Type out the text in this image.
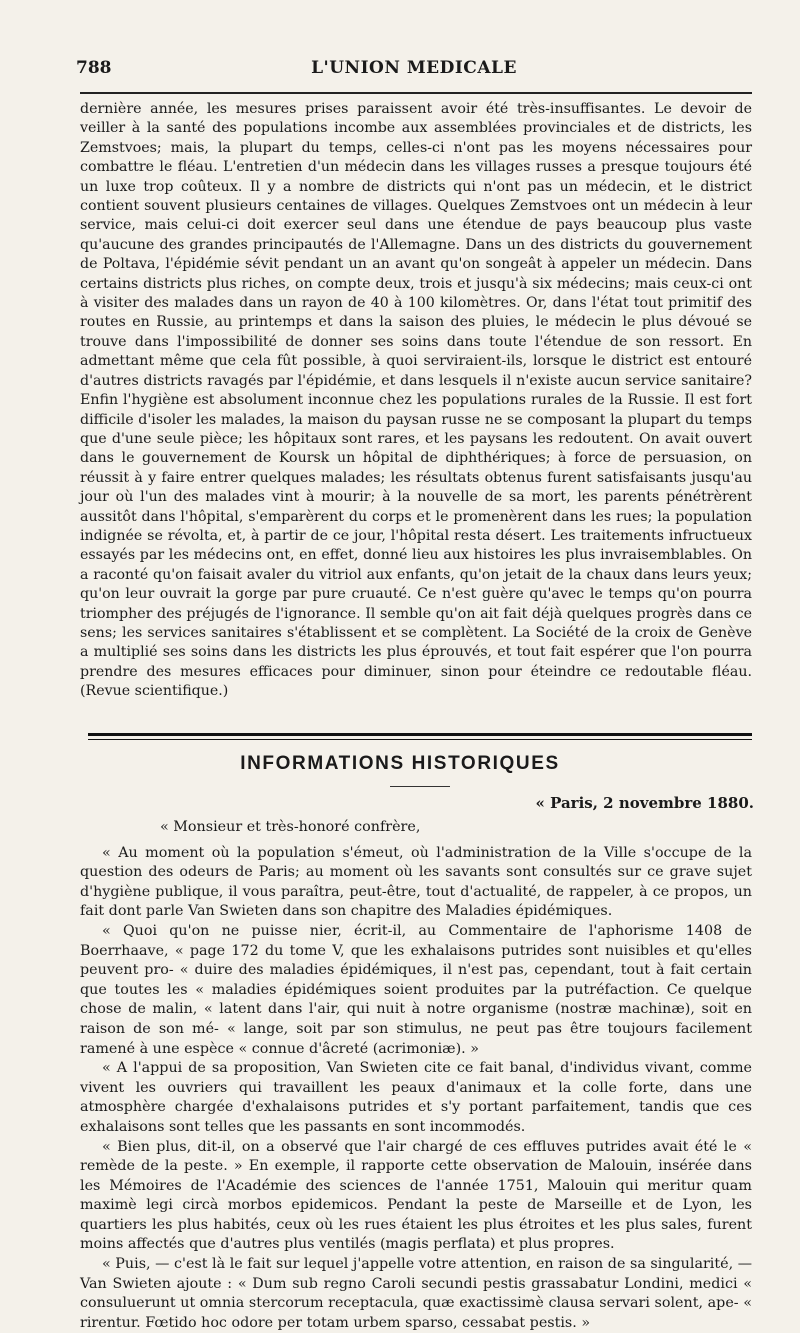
788	L'UNION MEDICALE

dernière année, les mesures prises paraissent avoir été très-insuffisantes. Le devoir de veiller à la santé des populations incombe aux assemblées provinciales et de districts, les Zemstvoes; mais, la plupart du temps, celles-ci n'ont pas les moyens nécessaires pour combattre le fléau. L'entretien d'un médecin dans les villages russes a presque toujours été un luxe trop coûteux. Il y a nombre de districts qui n'ont pas un médecin, et le district contient souvent plusieurs centaines de villages. Quelques Zemstvoes ont un médecin à leur service, mais celui-ci doit exercer seul dans une étendue de pays beaucoup plus vaste qu'aucune des grandes principautés de l'Allemagne. Dans un des districts du gouvernement de Poltava, l'épidémie sévit pendant un an avant qu'on songeât à appeler un médecin. Dans certains districts plus riches, on compte deux, trois et jusqu'à six médecins; mais ceux-ci ont à visiter des malades dans un rayon de 40 à 100 kilomètres. Or, dans l'état tout primitif des routes en Russie, au printemps et dans la saison des pluies, le médecin le plus dévoué se trouve dans l'impossibilité de donner ses soins dans toute l'étendue de son ressort. En admettant même que cela fût possible, à quoi serviraient-ils, lorsque le district est entouré d'autres districts ravagés par l'épidémie, et dans lesquels il n'existe aucun service sanitaire? Enfin l'hygiène est absolument inconnue chez les populations rurales de la Russie. Il est fort difficile d'isoler les malades, la maison du paysan russe ne se composant la plupart du temps que d'une seule pièce; les hôpitaux sont rares, et les paysans les redoutent. On avait ouvert dans le gouvernement de Koursk un hôpital de diphthériques; à force de persuasion, on réussit à y faire entrer quelques malades; les résultats obtenus furent satisfaisants jusqu'au jour où l'un des malades vint à mourir; à la nouvelle de sa mort, les parents pénétrèrent aussitôt dans l'hôpital, s'emparèrent du corps et le promenèrent dans les rues; la population indignée se révolta, et, à partir de ce jour, l'hôpital resta désert. Les traitements infructueux essayés par les médecins ont, en effet, donné lieu aux histoires les plus invraisemblables. On a raconté qu'on faisait avaler du vitriol aux enfants, qu'on jetait de la chaux dans leurs yeux; qu'on leur ouvrait la gorge par pure cruauté. Ce n'est guère qu'avec le temps qu'on pourra triompher des préjugés de l'ignorance. Il semble qu'on ait fait déjà quelques progrès dans ce sens; les services sanitaires s'établissent et se complètent. La Société de la croix de Genève a multiplié ses soins dans les districts les plus éprouvés, et tout fait espérer que l'on pourra prendre des mesures efficaces pour diminuer, sinon pour éteindre ce redoutable fléau. (Revue scientifique.)

INFORMATIONS HISTORIQUES
« Paris, 2 novembre 1880.

« Monsieur et très-honoré confrère,

« Au moment où la population s'émeut, où l'administration de la Ville s'occupe de la question des odeurs de Paris; au moment où les savants sont consultés sur ce grave sujet d'hygiène publique, il vous paraîtra, peut-être, tout d'actualité, de rappeler, à ce propos, un fait dont parle Van Swieten dans son chapitre des Maladies épidémiques.

« Quoi qu'on ne puisse nier, écrit-il, au Commentaire de l'aphorisme 1408 de Boerrhaave, « page 172 du tome V, que les exhalaisons putrides sont nuisibles et qu'elles peuvent pro- « duire des maladies épidémiques, il n'est pas, cependant, tout à fait certain que toutes les « maladies épidémiques soient produites par la putréfaction. Ce quelque chose de malin, « latent dans l'air, qui nuit à notre organisme (nostræ machinæ), soit en raison de son mé- « lange, soit par son stimulus, ne peut pas être toujours facilement ramené à une espèce « connue d'âcreté (acrimoniæ). »

« A l'appui de sa proposition, Van Swieten cite ce fait banal, d'individus vivant, comme vivent les ouvriers qui travaillent les peaux d'animaux et la colle forte, dans une atmosphère chargée d'exhalaisons putrides et s'y portant parfaitement, tandis que ces exhalaisons sont telles que les passants en sont incommodés.

« Bien plus, dit-il, on a observé que l'air chargé de ces effluves putrides avait été le « remède de la peste. » En exemple, il rapporte cette observation de Malouin, insérée dans les Mémoires de l'Académie des sciences de l'année 1751, Malouin qui meritur quam maximè legi circà morbos epidemicos. Pendant la peste de Marseille et de Lyon, les quartiers les plus habités, ceux où les rues étaient les plus étroites et les plus sales, furent moins affectés que d'autres plus ventilés (magis perflata) et plus propres.

« Puis, — c'est là le fait sur lequel j'appelle votre attention, en raison de sa singularité, — Van Swieten ajoute : « Dum sub regno Caroli secundi pestis grassabatur Londini, medici « consuluerunt ut omnia stercorum receptacula, quæ exactissimè clausa servari solent, ape- « rirentur. Fœtido hoc odore per totam urbem sparso, cessabat pestis. »
